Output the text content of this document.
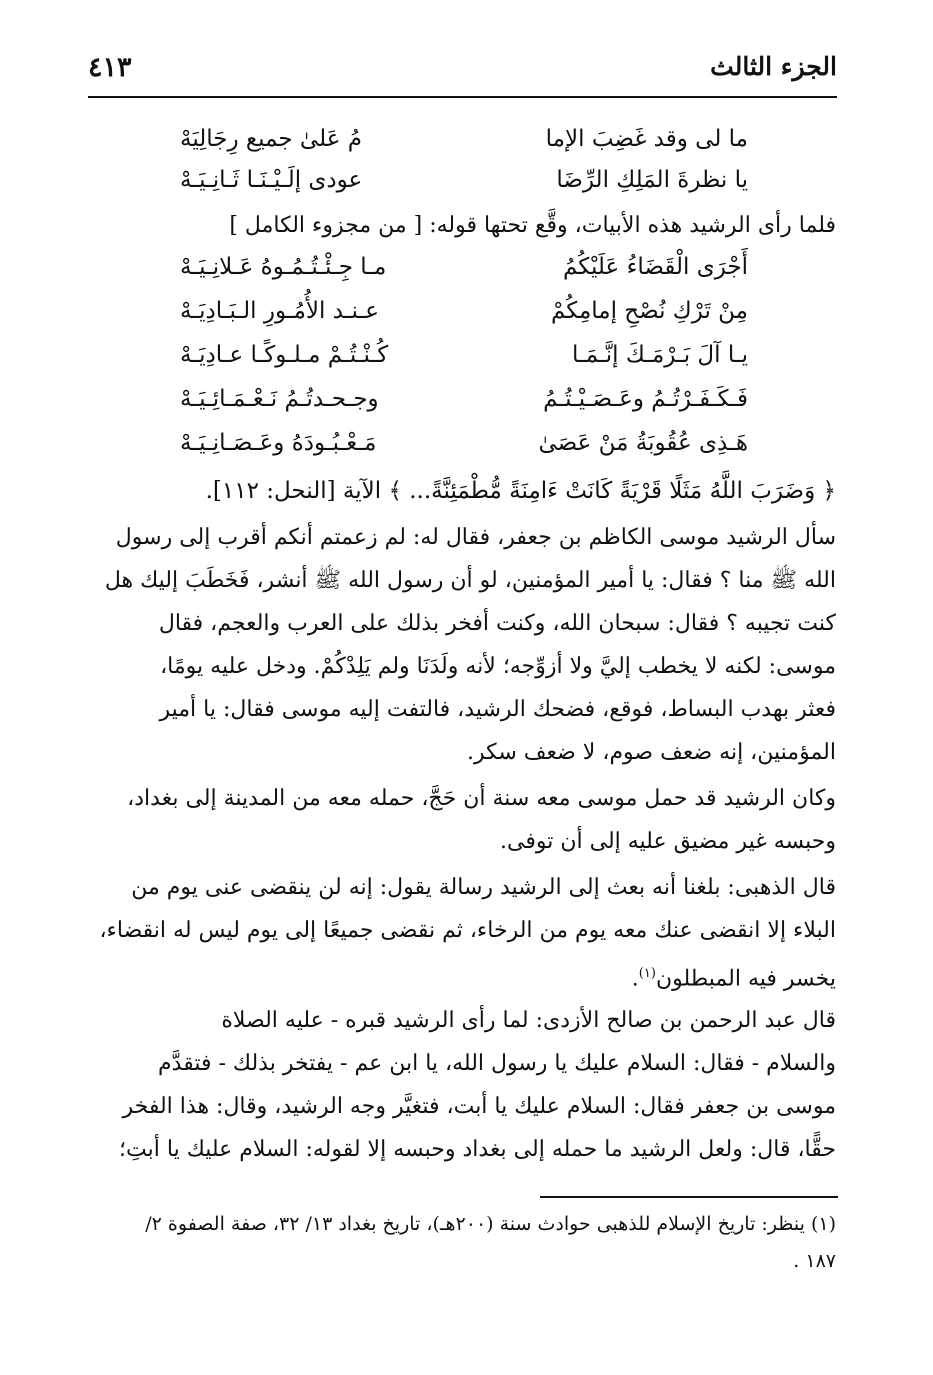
الجزء الثالث
٤١٣
ما لى وقد غَضِبَ الإما
مُ عَلىٰ جميع رِجَالِيَهْ
يا نظرةَ المَلِكِ الرِّضَا
عودى إلَـيْـنَـا ثَـانِـيَـهْ
فلما رأى الرشيد هذه الأبيات، وقَّع تحتها قوله: [ من مجزوء الكامل ]
أَجْرَى الْقَضَاءُ عَلَيْكُمُ
مـا جِـئْـتُـمُـوهُ عَـلانِـيَـهْ
مِنْ تَرْكِ نُصْحِ إمامِكُمْ
عـنـد الأُمُـورِ الـبَـادِيَـهْ
يـا آلَ بَـرْمَـكَ إنَّـمَـا
كُـنْـتُـمْ مـلـوكًـا عـادِيَـهْ
فَـكَـفَـرْتُـمُ وعَـصَـيْـتُـمُ
وجـحـدتُـمُ نَـعْـمَـائِـيَـهْ
هَـذِى عُقُوبَةُ مَنْ عَصَىٰ
مَـعْـبُـودَهُ وعَـصَـانِـيَـهْ
﴿ وَضَرَبَ اللَّهُ مَثَلًا قَرْيَةً كَانَتْ ءَامِنَةً مُّطْمَئِنَّةً... ﴾ الآية [النحل: ١١٢].
سأل الرشيد موسى الكاظم بن جعفر، فقال له: لم زعمتم أنكم أقرب إلى رسول
الله ﷺ منا ؟ فقال: يا أمير المؤمنين، لو أن رسول الله ﷺ أنشر، فَخَطَبَ إليك هل
كنت تجيبه ؟ فقال: سبحان الله، وكنت أفخر بذلك على العرب والعجم، فقال
موسى: لكنه لا يخطب إليَّ ولا أزوِّجه؛ لأنه ولَدَنَا ولم يَلِدْكُمْ. ودخل عليه يومًا،
فعثر بهدب البساط، فوقع، فضحك الرشيد، فالتفت إليه موسى فقال: يا أمير
المؤمنين، إنه ضعف صوم، لا ضعف سكر.
وكان الرشيد قد حمل موسى معه سنة أن حَجَّ، حمله معه من المدينة إلى بغداد،
وحبسه غير مضيق عليه إلى أن توفى.
قال الذهبى: بلغنا أنه بعث إلى الرشيد رسالة يقول: إنه لن ينقضى عنى يوم من
البلاء إلا انقضى عنك معه يوم من الرخاء، ثم نقضى جميعًا إلى يوم ليس له انقضاء،
يخسر فيه المبطلون$^{(١)}$.
قال عبد الرحمن بن صالح الأزدى: لما رأى الرشيد قبره - عليه الصلاة
والسلام - فقال: السلام عليك يا رسول الله، يا ابن عم - يفتخر بذلك - فتقدَّم
موسى بن جعفر فقال: السلام عليك يا أبت، فتغيَّر وجه الرشيد، وقال: هذا الفخر
حقًّا، قال: ولعل الرشيد ما حمله إلى بغداد وحبسه إلا لقوله: السلام عليك يا أبتِ؛
(١) ينظر: تاريخ الإسلام للذهبى حوادث سنة (٢٠٠هـ)، تاريخ بغداد ١٣/ ٣٢، صفة الصفوة ٢/
١٨٧ .
